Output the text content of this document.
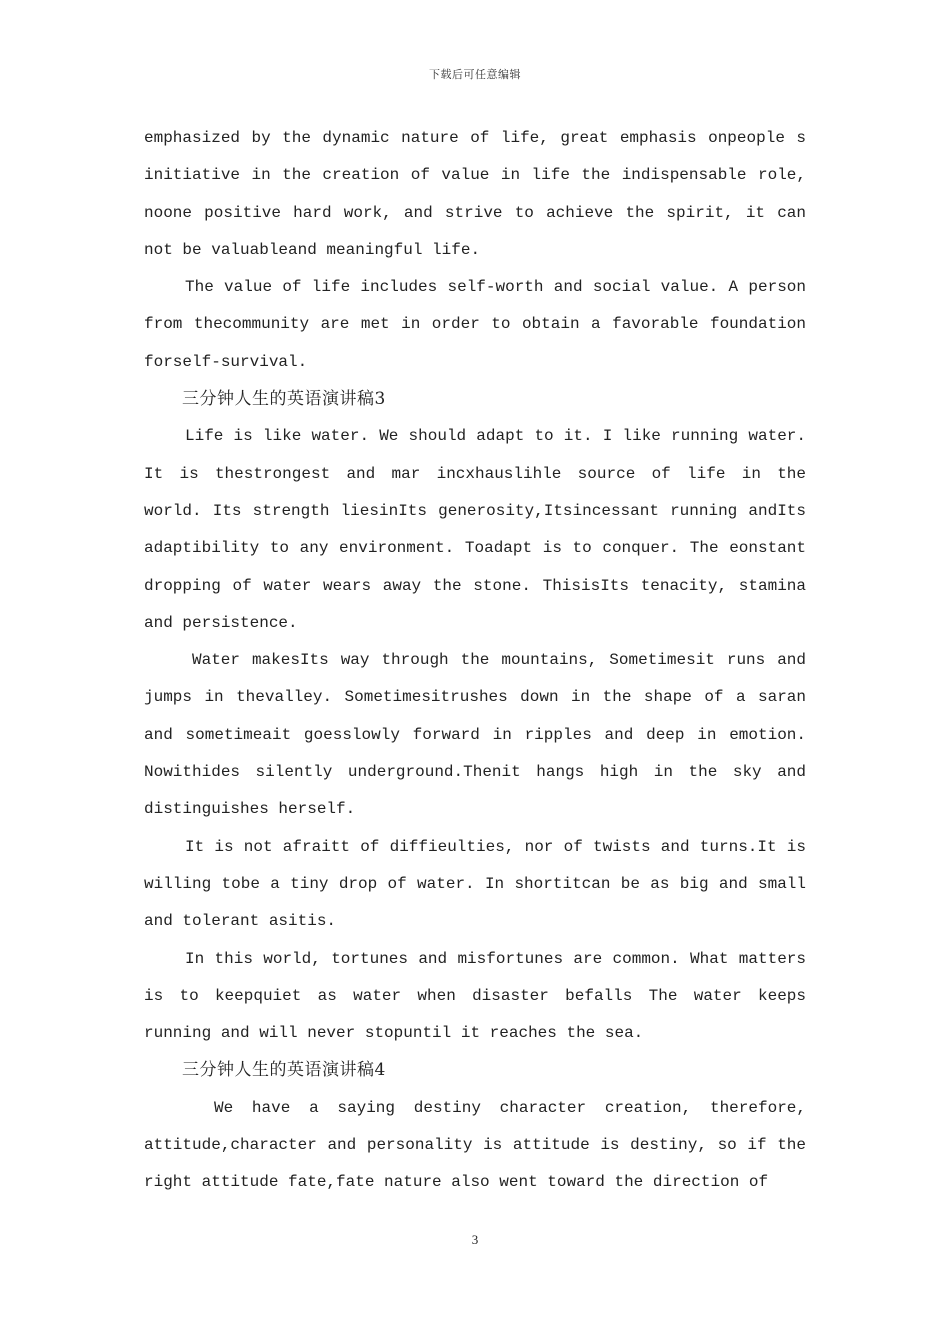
下载后可任意编辑

emphasized by the dynamic nature of life, great emphasis onpeople s initiative in the creation of value in life the indispensable role, noone positive hard work, and strive to achieve the spirit, it can not be valuableand meaningful life.

The value of life includes self-worth and social value. A person from thecommunity are met in order to obtain a favorable foundation forself-survival.

三分钟人生的英语演讲稿3

Life is like water. We should adapt to it. I like running water. It is thestrongest and mar incxhauslihle source of life in the world. Its strength liesinIts generosity,Itsincessant running andIts adaptibility to any environment. Toadapt is to conquer. The eonstant dropping of water wears away the stone. ThisisIts tenacity, stamina and persistence.

Water makesIts way through the mountains, Sometimesit runs and jumps in thevalley. Sometimesitrushes down in the shape of a saran and sometimeait goesslowly forward in ripples and deep in emotion. Nowithides silently underground.Thenit hangs high in the sky and distinguishes herself.

It is not afraitt of diffieulties, nor of twists and turns.It is willing tobe a tiny drop of water. In shortitcan be as big and small and tolerant asitis.

In this world, tortunes and misfortunes are common. What matters is to keepquiet as water when disaster befalls The water keeps running and will never stopuntil it reaches the sea.

三分钟人生的英语演讲稿4

We have a saying destiny character creation, therefore, attitude,character and personality is attitude is destiny, so if the right attitude fate,fate nature also went toward the direction of

3
